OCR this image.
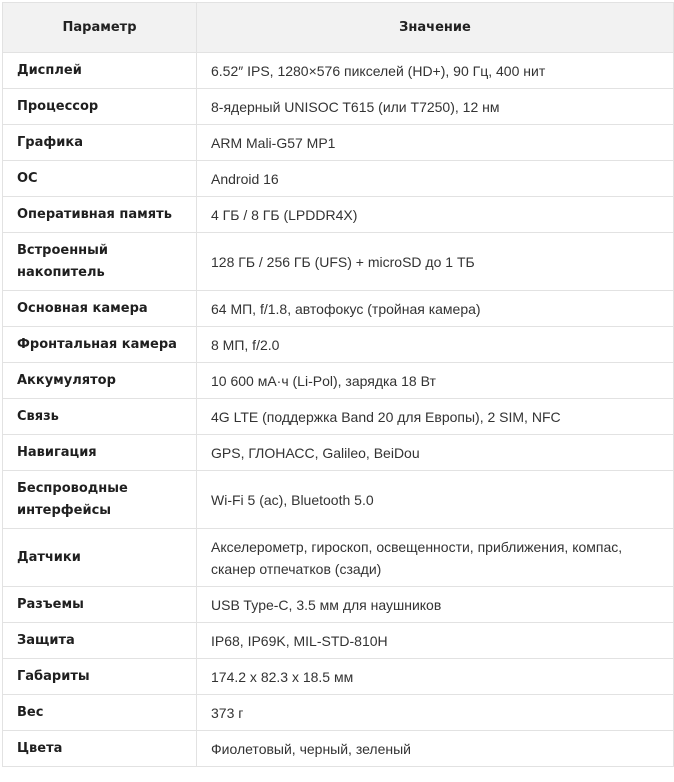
Параметр	Значение
Дисплей	6.52″ IPS, 1280×576 пикселей (HD+), 90 Гц, 400 нит
Процессор	8-ядерный UNISOC T615 (или T7250), 12 нм
Графика	ARM Mali-G57 MP1
ОС	Android 16
Оперативная память	4 ГБ / 8 ГБ (LPDDR4X)
Встроенный накопитель	128 ГБ / 256 ГБ (UFS) + microSD до 1 ТБ
Основная камера	64 МП, f/1.8, автофокус (тройная камера)
Фронтальная камера	8 МП, f/2.0
Аккумулятор	10 600 мА·ч (Li-Pol), зарядка 18 Вт
Связь	4G LTE (поддержка Band 20 для Европы), 2 SIM, NFC
Навигация	GPS, ГЛОНАСС, Galileo, BeiDou
Беспроводные интерфейсы	Wi-Fi 5 (ac), Bluetooth 5.0
Датчики	Акселерометр, гироскоп, освещенности, приближения, компас, сканер отпечатков (сзади)
Разъемы	USB Type-C, 3.5 мм для наушников
Защита	IP68, IP69K, MIL-STD-810H
Габариты	174.2 x 82.3 x 18.5 мм
Вес	373 г
Цвета	Фиолетовый, черный, зеленый
